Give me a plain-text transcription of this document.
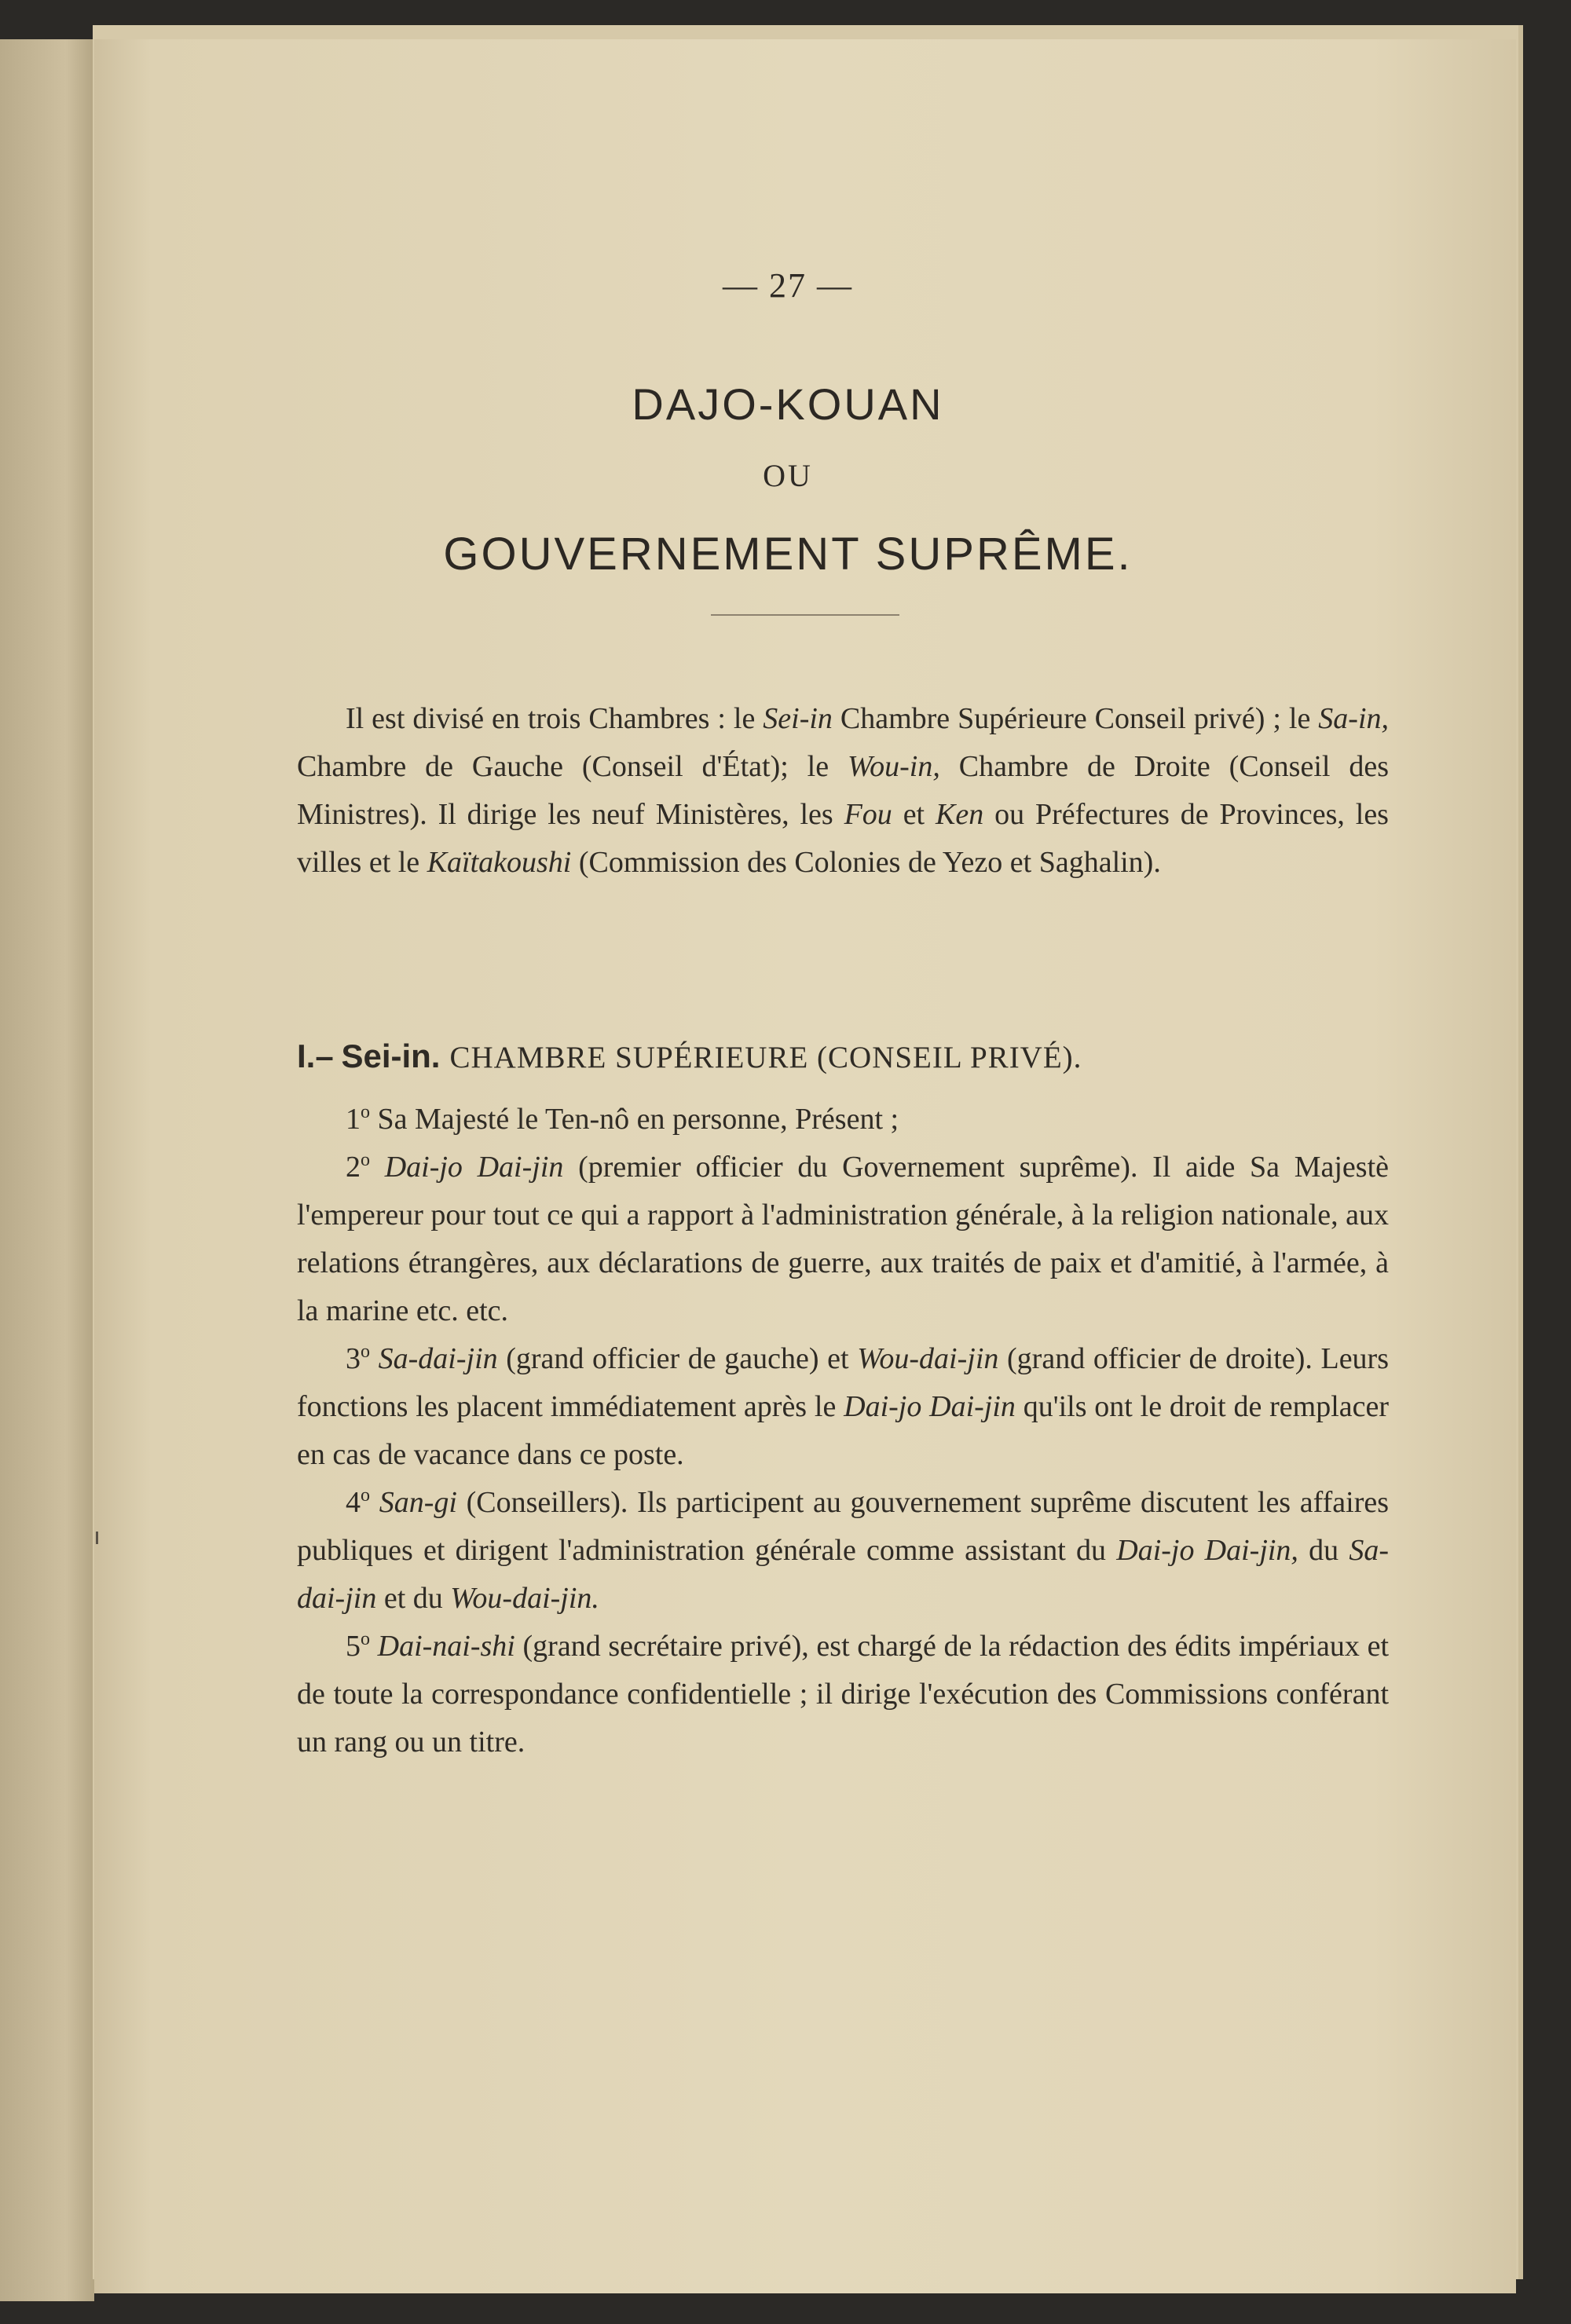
— 27 —
DAJO-KOUAN
OU
GOUVERNEMENT SUPRÊME.

Il est divisé en trois Chambres : le Sei-in Chambre Supérieure Conseil privé) ; le Sa-in, Chambre de Gauche (Conseil d'État); le Wou-in, Chambre de Droite (Conseil des Ministres). Il dirige les neuf Ministères, les Fou et Ken ou Préfectures de Provinces, les villes et le Kaïtakoushi (Commission des Colonies de Yezo et Saghalin).

I.– Sei-in. CHAMBRE SUPÉRIEURE (CONSEIL PRIVÉ).

1$^o$ Sa Majesté le Ten-nô en personne, Présent ;

2$^o$ Dai-jo Dai-jin (premier officier du Governement suprême). Il aide Sa Majestè l'empereur pour tout ce qui a rapport à l'administration générale, à la religion nationale, aux relations étrangères, aux déclarations de guerre, aux traités de paix et d'amitié, à l'armée, à la marine etc. etc.

3$^o$ Sa-dai-jin (grand officier de gauche) et Wou-dai-jin (grand officier de droite). Leurs fonctions les placent immédiatement après le Dai-jo Dai-jin qu'ils ont le droit de remplacer en cas de vacance dans ce poste.

4$^o$ San-gi (Conseillers). Ils participent au gouvernement suprême discutent les affaires publiques et dirigent l'administration générale comme assistant du Dai-jo Dai-jin, du Sa-dai-jin et du Wou-dai-jin.

5$^o$ Dai-nai-shi (grand secrétaire privé), est chargé de la rédaction des édits impériaux et de toute la correspondance confidentielle ; il dirige l'exécution des Commissions conférant un rang ou un titre.
